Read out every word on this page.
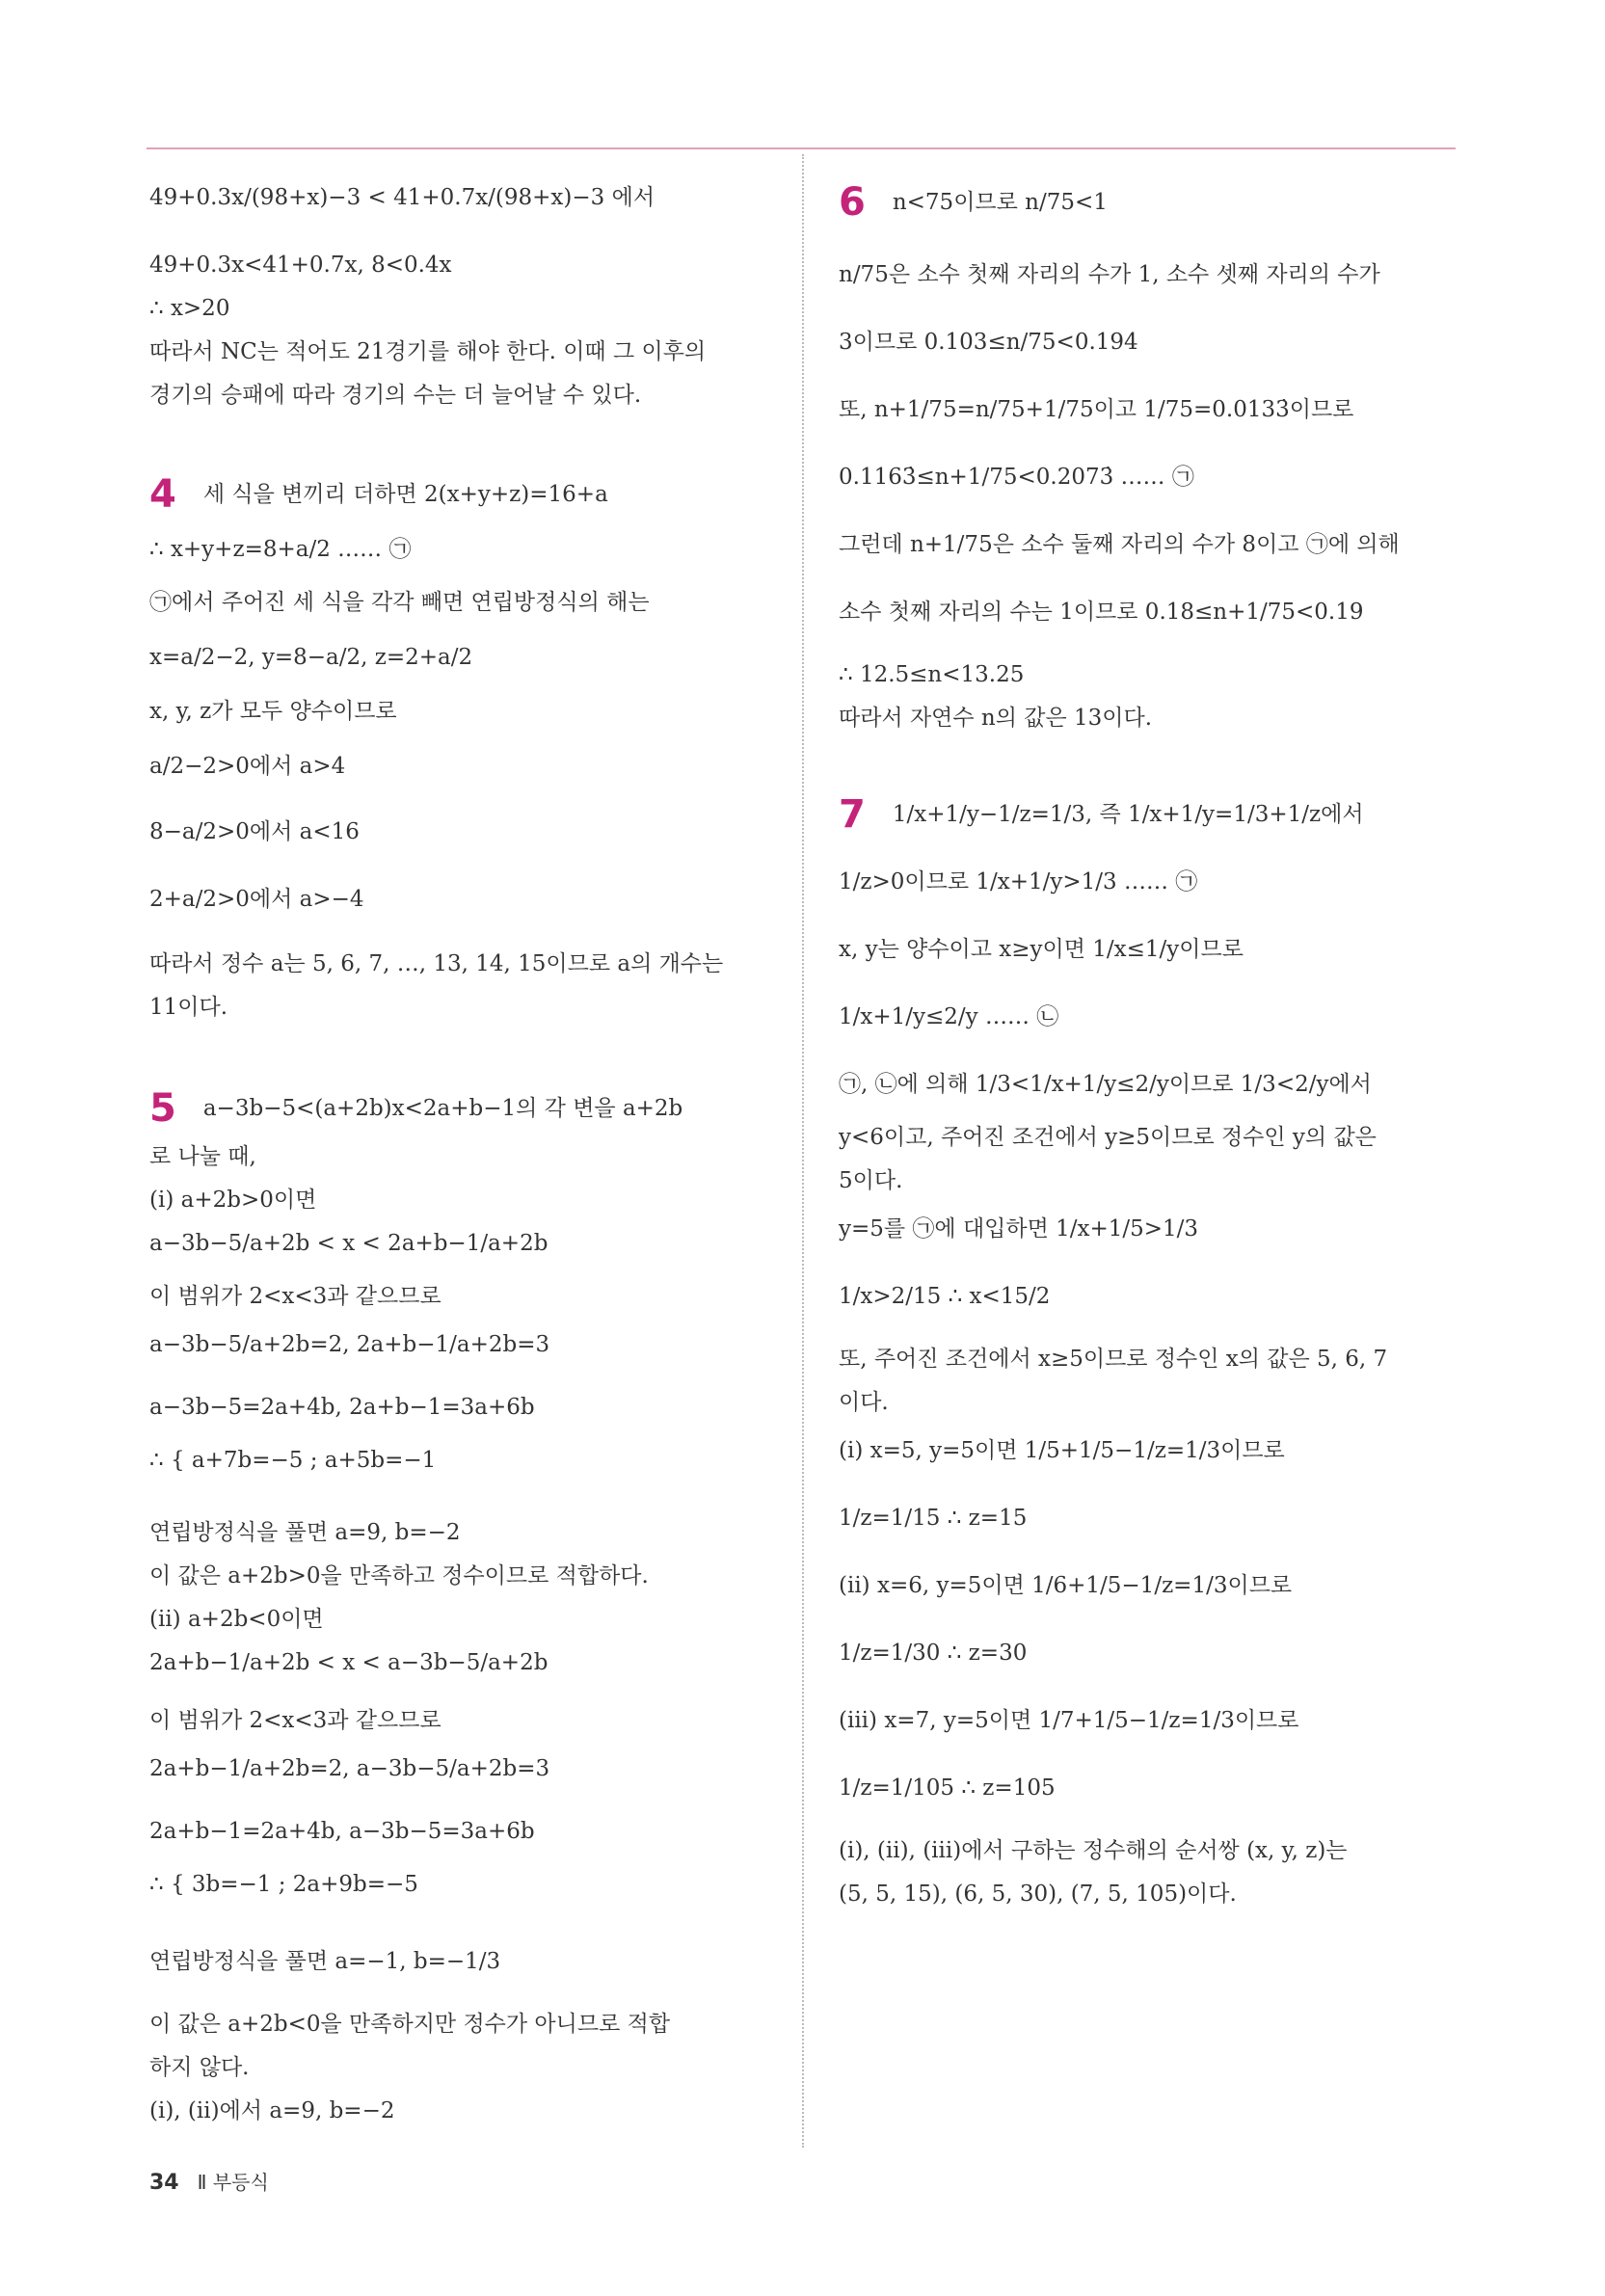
49+0.3x/(98+x)−3 < 41+0.7x/(98+x)−3 에서
49+0.3x<41+0.7x, 8<0.4x
∴ x>20
따라서 NC는 적어도 21경기를 해야 한다. 이때 그 이후의
경기의 승패에 따라 경기의 수는 더 늘어날 수 있다.
4 세 식을 변끼리 더하면 2(x+y+z)=16+a
∴ x+y+z=8+a/2 …… ㉠
㉠에서 주어진 세 식을 각각 빼면 연립방정식의 해는
x=a/2−2, y=8−a/2, z=2+a/2
x, y, z가 모두 양수이므로
a/2−2>0에서 a>4
8−a/2>0에서 a<16
2+a/2>0에서 a>−4
따라서 정수 a는 5, 6, 7, …, 13, 14, 15이므로 a의 개수는
11이다.
5 a−3b−5<(a+2b)x<2a+b−1의 각 변을 a+2b
로 나눌 때,
(i) a+2b>0이면
a−3b−5/a+2b < x < 2a+b−1/a+2b
이 범위가 2<x<3과 같으므로
a−3b−5/a+2b=2, 2a+b−1/a+2b=3
a−3b−5=2a+4b, 2a+b−1=3a+6b
∴ { a+7b=−5 ; a+5b=−1
연립방정식을 풀면 a=9, b=−2
이 값은 a+2b>0을 만족하고 정수이므로 적합하다.
(ii) a+2b<0이면
2a+b−1/a+2b < x < a−3b−5/a+2b
이 범위가 2<x<3과 같으므로
2a+b−1/a+2b=2, a−3b−5/a+2b=3
2a+b−1=2a+4b, a−3b−5=3a+6b
∴ { 3b=−1 ; 2a+9b=−5
연립방정식을 풀면 a=−1, b=−1/3
이 값은 a+2b<0을 만족하지만 정수가 아니므로 적합
하지 않다.
(i), (ii)에서 a=9, b=−2
6 n<75이므로 n/75<1
n/75은 소수 첫째 자리의 수가 1, 소수 셋째 자리의 수가
3이므로 0.103≤n/75<0.194
또, n+1/75=n/75+1/75이고 1/75=0.0133̇이므로
0.1163̇≤n+1/75<0.2073̇ …… ㉠
그런데 n+1/75은 소수 둘째 자리의 수가 8이고 ㉠에 의해
소수 첫째 자리의 수는 1이므로 0.18≤n+1/75<0.19
∴ 12.5≤n<13.25
따라서 자연수 n의 값은 13이다.
7 1/x+1/y−1/z=1/3, 즉 1/x+1/y=1/3+1/z에서
1/z>0이므로 1/x+1/y>1/3 …… ㉠
x, y는 양수이고 x≥y이면 1/x≤1/y이므로
1/x+1/y≤2/y …… ㉡
㉠, ㉡에 의해 1/3<1/x+1/y≤2/y이므로 1/3<2/y에서
y<6이고, 주어진 조건에서 y≥5이므로 정수인 y의 값은
5이다.
y=5를 ㉠에 대입하면 1/x+1/5>1/3
1/x>2/15 ∴ x<15/2
또, 주어진 조건에서 x≥5이므로 정수인 x의 값은 5, 6, 7
이다.
(i) x=5, y=5이면 1/5+1/5−1/z=1/3이므로
1/z=1/15 ∴ z=15
(ii) x=6, y=5이면 1/6+1/5−1/z=1/3이므로
1/z=1/30 ∴ z=30
(iii) x=7, y=5이면 1/7+1/5−1/z=1/3이므로
1/z=1/105 ∴ z=105
(i), (ii), (iii)에서 구하는 정수해의 순서쌍 (x, y, z)는
(5, 5, 15), (6, 5, 30), (7, 5, 105)이다.
34 Ⅱ 부등식
